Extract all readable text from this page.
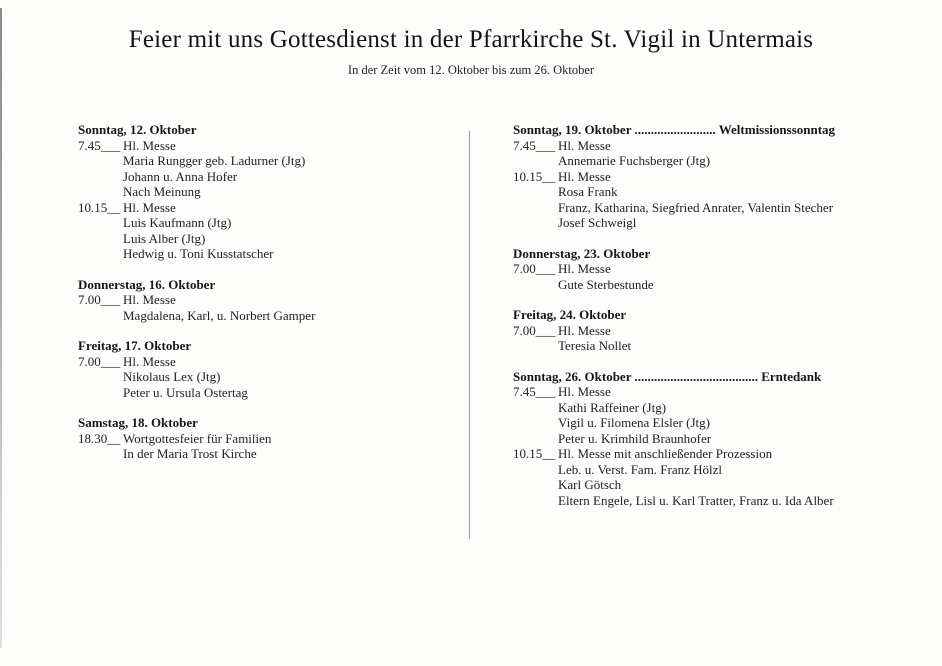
Feier mit uns Gottesdienst in der Pfarrkirche St. Vigil in Untermais
In der Zeit vom 12. Oktober bis zum 26. Oktober
Sonntag, 12. Oktober
7.45___ Hl. Messe
Maria Rungger geb. Ladurner (Jtg)
Johann u. Anna Hofer
Nach Meinung
10.15__ Hl. Messe
Luis Kaufmann (Jtg)
Luis Alber (Jtg)
Hedwig u. Toni Kusstatscher
Donnerstag, 16. Oktober
7.00___ Hl. Messe
Magdalena, Karl, u. Norbert Gamper
Freitag, 17. Oktober
7.00___ Hl. Messe
Nikolaus Lex (Jtg)
Peter u. Ursula Ostertag
Samstag, 18. Oktober
18.30__ Wortgottesfeier für Familien
In der Maria Trost Kirche
Sonntag, 19. Oktober ......................... Weltmissionssonntag
7.45___ Hl. Messe
Annemarie Fuchsberger (Jtg)
10.15__ Hl. Messe
Rosa Frank
Franz, Katharina, Siegfried Anrater, Valentin Stecher
Josef Schweigl
Donnerstag, 23. Oktober
7.00___ Hl. Messe
Gute Sterbestunde
Freitag, 24. Oktober
7.00___ Hl. Messe
Teresia Nollet
Sonntag, 26. Oktober ...................................... Erntedank
7.45___ Hl. Messe
Kathi Raffeiner (Jtg)
Vigil u. Filomena Elsler (Jtg)
Peter u. Krimhild Braunhofer
10.15__ Hl. Messe mit anschließender Prozession
Leb. u. Verst. Fam. Franz Hölzl
Karl Götsch
Eltern Engele, Lisl u. Karl Tratter, Franz u. Ida Alber
